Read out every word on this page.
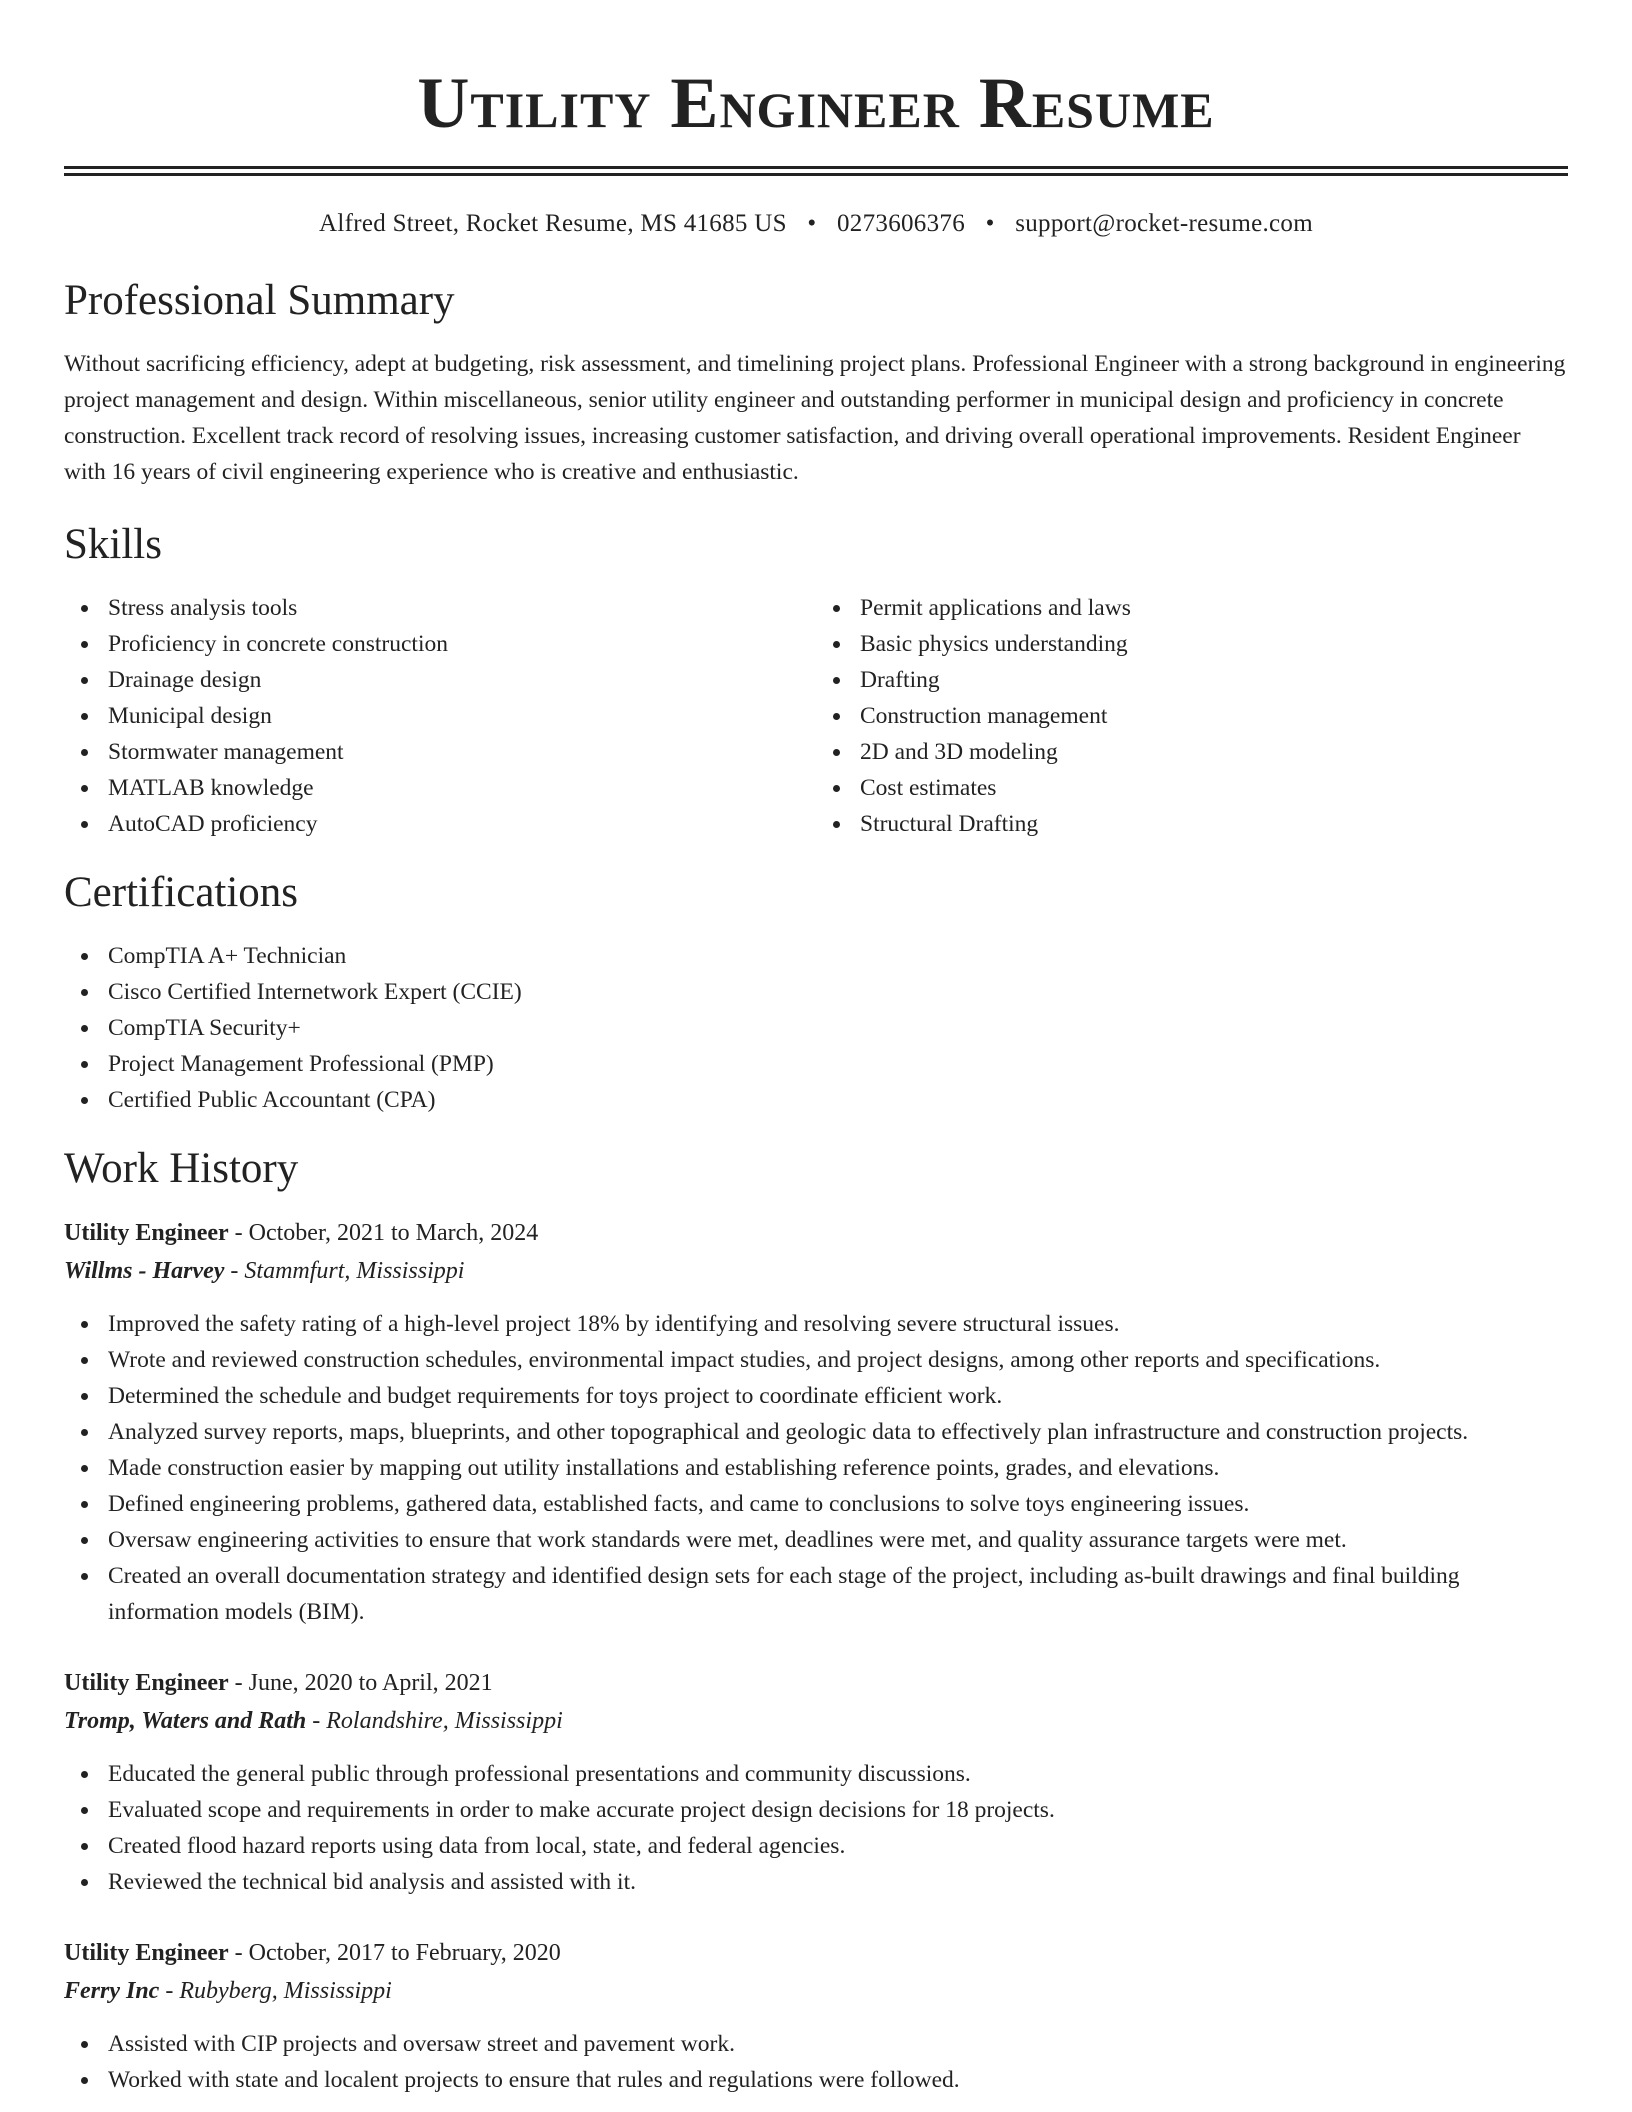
Utility Engineer Resume
Alfred Street, Rocket Resume, MS 41685 US • 0273606376 • support@rocket-resume.com
Professional Summary

Without sacrificing efficiency, adept at budgeting, risk assessment, and timelining project plans. Professional Engineer with a strong background in engineering project management and design. Within miscellaneous, senior utility engineer and outstanding performer in municipal design and proficiency in concrete construction. Excellent track record of resolving issues, increasing customer satisfaction, and driving overall operational improvements. Resident Engineer with 16 years of civil engineering experience who is creative and enthusiastic.

Skills
Stress analysis tools
Proficiency in concrete construction
Drainage design
Municipal design
Stormwater management
MATLAB knowledge
AutoCAD proficiency
Permit applications and laws
Basic physics understanding
Drafting
Construction management
2D and 3D modeling
Cost estimates
Structural Drafting
Certifications
CompTIA A+ Technician
Cisco Certified Internetwork Expert (CCIE)
CompTIA Security+
Project Management Professional (PMP)
Certified Public Accountant (CPA)
Work History
Utility Engineer - October, 2021 to March, 2024
Willms - Harvey - Stammfurt, Mississippi
Improved the safety rating of a high-level project 18% by identifying and resolving severe structural issues.
Wrote and reviewed construction schedules, environmental impact studies, and project designs, among other reports and specifications.
Determined the schedule and budget requirements for toys project to coordinate efficient work.
Analyzed survey reports, maps, blueprints, and other topographical and geologic data to effectively plan infrastructure and construction projects.
Made construction easier by mapping out utility installations and establishing reference points, grades, and elevations.
Defined engineering problems, gathered data, established facts, and came to conclusions to solve toys engineering issues.
Oversaw engineering activities to ensure that work standards were met, deadlines were met, and quality assurance targets were met.
Created an overall documentation strategy and identified design sets for each stage of the project, including as-built drawings and final building information models (BIM).
Utility Engineer - June, 2020 to April, 2021
Tromp, Waters and Rath - Rolandshire, Mississippi
Educated the general public through professional presentations and community discussions.
Evaluated scope and requirements in order to make accurate project design decisions for 18 projects.
Created flood hazard reports using data from local, state, and federal agencies.
Reviewed the technical bid analysis and assisted with it.
Utility Engineer - October, 2017 to February, 2020
Ferry Inc - Rubyberg, Mississippi
Assisted with CIP projects and oversaw street and pavement work.
Worked with state and localent projects to ensure that rules and regulations were followed.
